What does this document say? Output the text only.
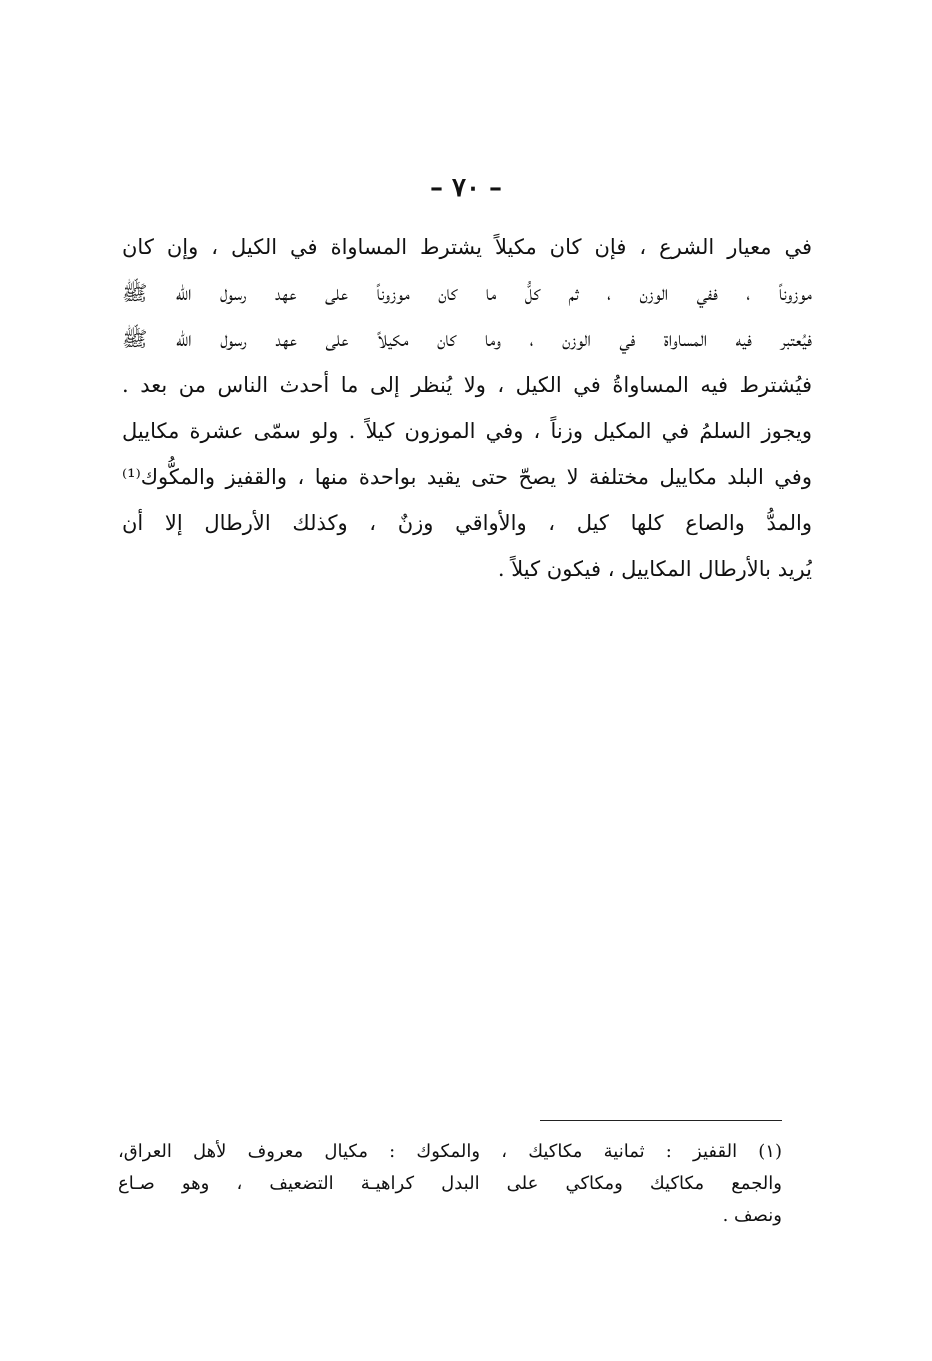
– ٧٠ –
في معيار الشرع ، فإن كان مكيلاً يشترط المساواة في الكيل ، وإن كان
موزوناً ، ففي الوزن ، ثم كلُّ ما كان موزوناً على عهد رسول الله ﷺ
فيُعتبر فيه المساواة في الوزن ، وما كان مكيلاً على عهد رسول الله ﷺ
فيُشترط فيه المساواةُ في الكيل ، ولا يُنظر إلى ما أحدث الناس من بعد .
ويجوز السلمُ في المكيل وزناً ، وفي الموزون كيلاً . ولو سمّى عشرة مكاييل
وفي البلد مكاييل مختلفة لا يصحّ حتى يقيد بواحدة منها ، والقفيز والمكُّوك⁽¹⁾
والمدُّ والصاع كلها كيل ، والأواقي وزنٌ ، وكذلك الأرطال إلا أن
يُريد بالأرطال المكاييل ، فيكون كيلاً .
(١) القفيز : ثمانية مكاكيك ، والمكوك : مكيال معروف لأهل العراق،
والجمع مكاكيك ومكاكي على البدل كراهيـة التضعيف ، وهو صـاع
ونصف .
